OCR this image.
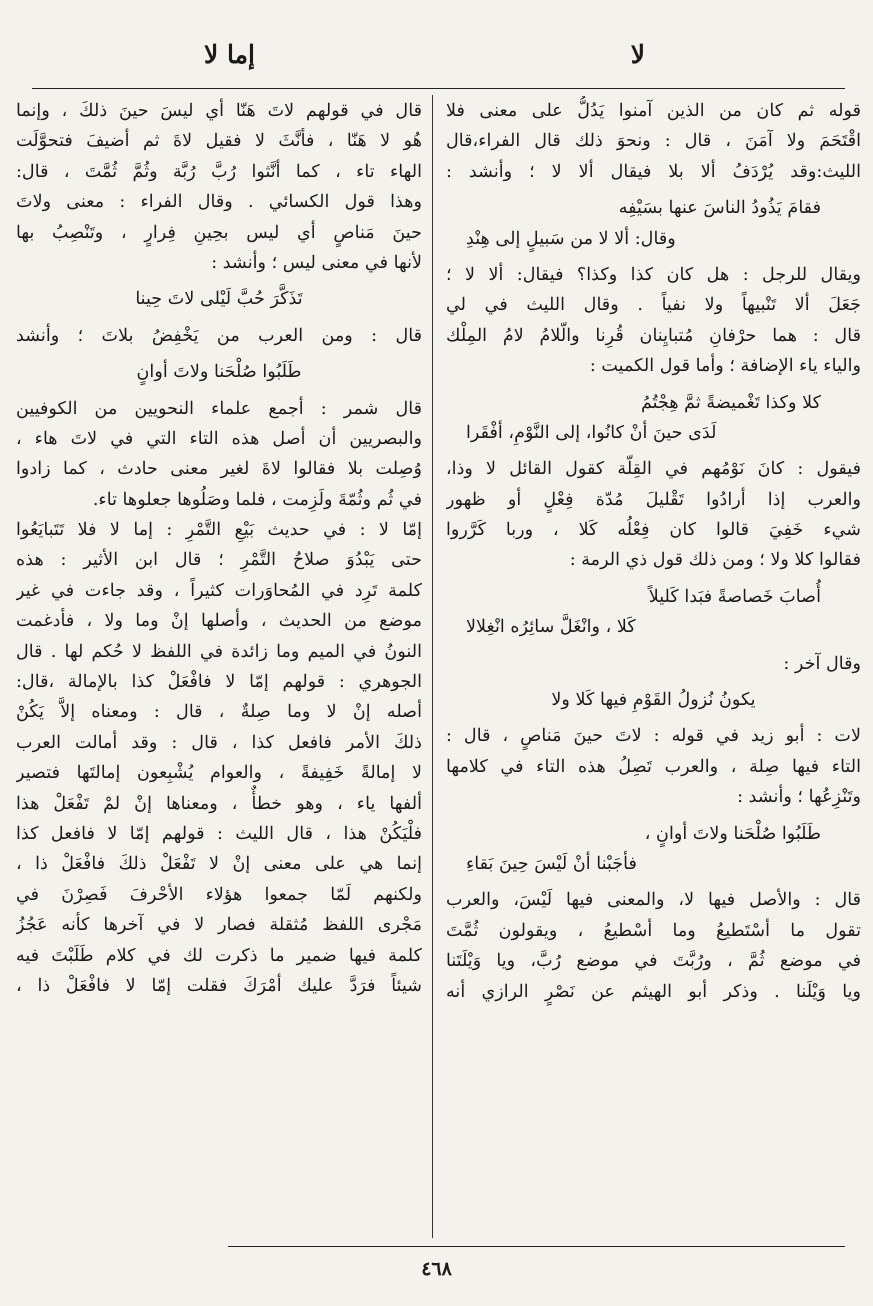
لا
إما لا
قوله ثم كان من الذين آمنوا يَدُلُّ على معنى فلا
اقْتَحَمَ ولا آمَنَ ، قال : ونحوَ ذلك قال الفراء،قال
الليث:وقد يُرْدَفُ ألا بلا فيقال ألا لا ؛ وأنشد :
فقامَ يَذُودُ الناسَ عنها بسَيْفِه
وقال: ألا لا من سَبيلٍ إلى هِنْدِ
ويقال للرجل : هل كان كذا وكذا؟ فيقال: ألا لا ؛
جَعَلَ ألا تَنْبيهاً ولا نفياً . وقال الليث في لي
قال : هما حرْفانِ مُتبايِنان قُرِنا والّلامُ لامُ المِلْك
والياء ياء الإضافة ؛ وأما قول الكميت :
كلا وكذا تَغْميضةً ثمَّ هِجْتُمُ
لَدَى حينَ أنْ كانُوا، إلى النَّوْمِ، أفْقَرا
فيقول : كانَ نَوْمُهم في القِلّة كقول القائل لا وذا،
والعرب إذا أرادُوا تَقْليلَ مُدّة فِعْلٍ أو ظهور
شيء خَفِيَ قالوا كان فِعْلُه كَلا ، وربا كَرَّروا
فقالوا كلا ولا ؛ ومن ذلك قول ذي الرمة :
أُصابَ خَصاصةً فبَدا كَليلاً
كَلا ، وانْغَلَّ سائِرُه انْغِلالا
وقال آخر :
يكونُ نُزولُ القَوْمِ فيها كَلا ولا
لات : أبو زيد في قوله : لاتَ حينَ مَناصٍ ، قال :
التاء فيها صِلة ، والعرب تَصِلُ هذه التاء في كلامها
وتَنْزِعُها ؛ وأنشد :
طَلَبُوا صُلْحَنا ولاتَ أوانٍ ،
فأجَبْنا أنْ لَيْسَ حِينَ بَقاءِ
قال : والأصل فيها لا، والمعنى فيها لَيْسَ، والعرب
تقول ما أسْتَطيعُ وما أسْطيعُ ، ويقولون ثُمَّتَ
في موضع ثُمَّ ، ورُبَّتَ في موضع رُبَّ، ويا وَيْلَتَنا
ويا وَيْلَنا . وذكر أبو الهيثم عن نَصْرٍ الرازي أنه
قال في قولهم لاتَ هَنّا أي ليسَ حينَ ذلكَ ، وإنما
هُو لا هَنّا ، فأنَّثَ لا فقيل لاةَ ثم أضيفَ فتحوَّلَت
الهاء تاء ، كما أنَّثوا رُبَّ رُبَّة وثُمَّ ثُمَّتَ ، قال:
وهذا قول الكسائي . وقال الفراء : معنى ولاتَ
حينَ مَناصٍ أي ليس بحِينِ فِرارٍ ، وتَنْصِبُ بها
لأنها في معنى ليس ؛ وأنشد :
تَذَكَّرَ حُبَّ لَيْلى لاتَ حِينا
قال : ومن العرب من يَخْفِضُ بلاتَ ؛ وأنشد
طَلَبُوا صُلْحَنا ولاتَ أوانٍ
قال شمر : أجمع علماء النحويين من الكوفيين
والبصريين أن أصل هذه التاء التي في لاتَ هاء ،
وُصِلت بلا فقالوا لاةَ لغير معنى حادث ، كما زادوا
في ثُم وثُمّةَ ولَزِمت ، فلما وصَلُوها جعلوها تاء.
إمّا لا : في حديث بَيْعِ التَّمْرِ : إما لا فلا تَتَبايَعُوا
حتى يَبْدُوَ صلاحُ التَّمْرِ ؛ قال ابن الأثير : هذه
كلمة تَرِد في المُحاوَرات كثيراً ، وقد جاءت في غير
موضع من الحديث ، وأصلها إنْ وما ولا ، فأدغمت
النونُ في الميم وما زائدة في اللفظ لا حُكم لها . قال
الجوهري : قولهم إمّا لا فافْعَلْ كذا بالإمالة ،قال:
أصله إنْ لا وما صِلةٌ ، قال : ومعناه إلاَّ يَكُنْ
ذلكَ الأمر فافعل كذا ، قال : وقد أمالت العرب
لا إمالةً خَفِيفةً ، والعوام يُشْبِعون إمالتَها فتصير
ألفها ياء ، وهو خطأٌ ، ومعناها إنْ لمْ تَفْعَلْ هذا
فلْيَكُنْ هذا ، قال الليث : قولهم إمّا لا فافعل كذا
إنما هي على معنى إنْ لا تَفْعَلْ ذلكَ فافْعَلْ ذا ،
ولكنهم لَمّا جمعوا هؤلاء الأحْرفَ فَصِرْنَ في
مَجْرى اللفظ مُثقلة فصار لا في آخرها كأنه عَجُزُ
كلمة فيها ضمير ما ذكرت لك في كلام طَلَبْتَ فيه
شيئاً فرَدَّ عليك أمْرَكَ فقلت إمّا لا فافْعَلْ ذا ،
٤٦٨
